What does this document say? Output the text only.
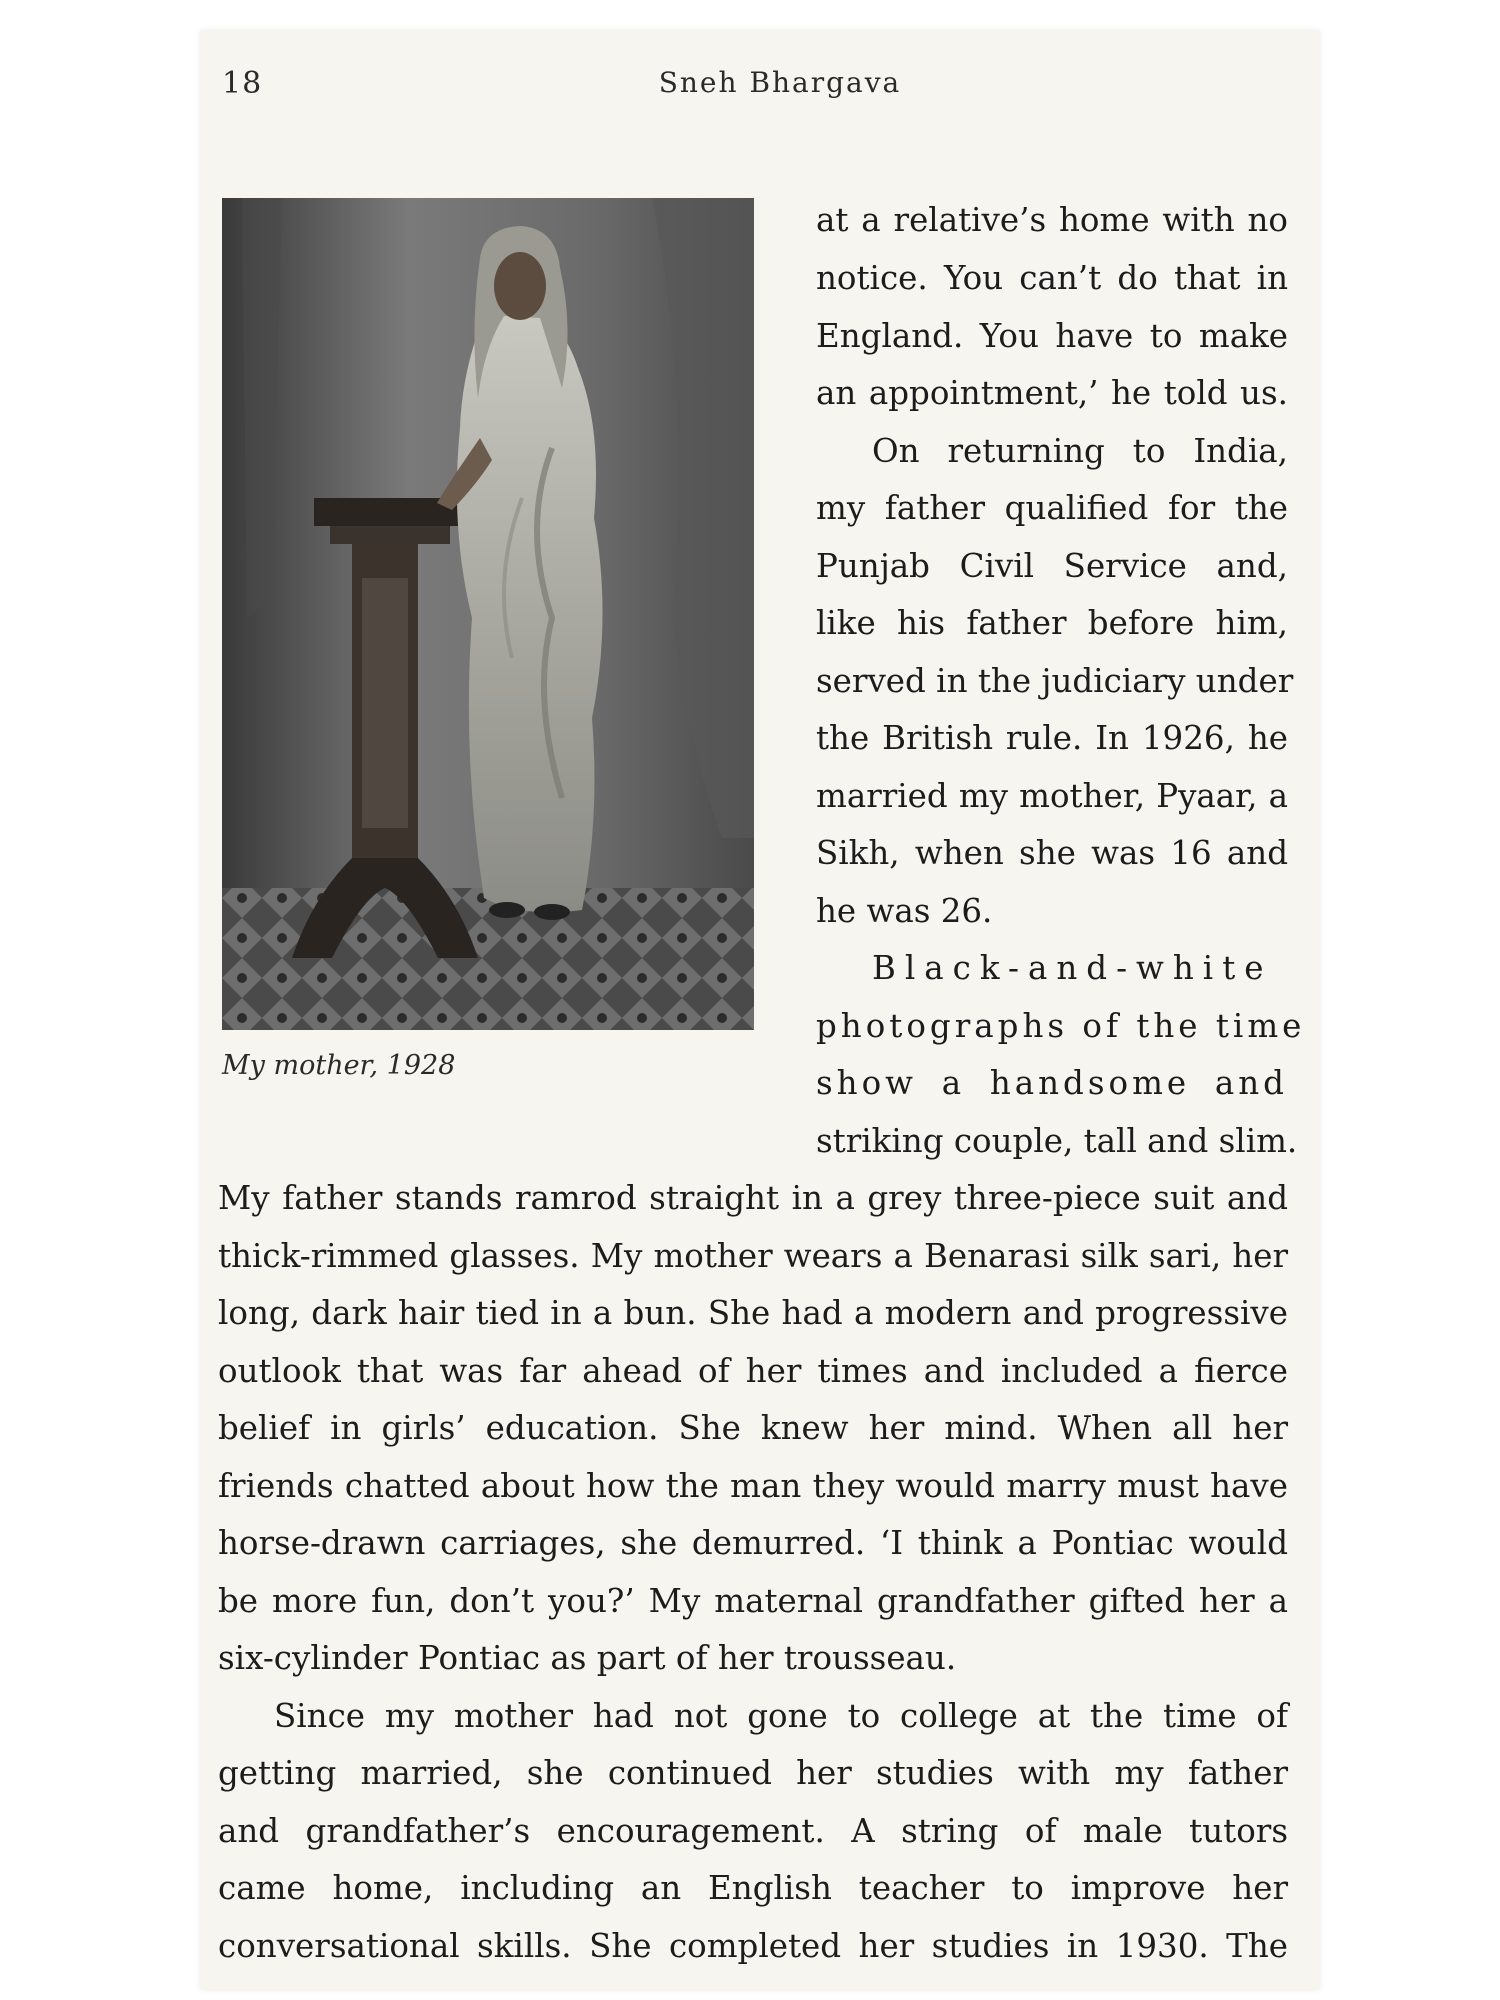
18	Sneh Bhargava
My mother, 1928
at a relative’s home with no
notice. You can’t do that in
England. You have to make
an appointment,’ he told us.
On returning to India,
my father qualified for the
Punjab Civil Service and,
like his father before him,
served in the judiciary under
the British rule. In 1926, he
married my mother, Pyaar, a
Sikh, when she was 16 and
he was 26.
Black-and-white
photographs of the time
show a handsome and
striking couple, tall and slim.
My father stands ramrod straight in a grey three-piece suit and
thick-rimmed glasses. My mother wears a Benarasi silk sari, her
long, dark hair tied in a bun. She had a modern and progressive
outlook that was far ahead of her times and included a fierce
belief in girls’ education. She knew her mind. When all her
friends chatted about how the man they would marry must have
horse-drawn carriages, she demurred. ‘I think a Pontiac would
be more fun, don’t you?’ My maternal grandfather gifted her a
six-cylinder Pontiac as part of her trousseau.
Since my mother had not gone to college at the time of
getting married, she continued her studies with my father
and grandfather’s encouragement. A string of male tutors
came home, including an English teacher to improve her
conversational skills. She completed her studies in 1930. The
